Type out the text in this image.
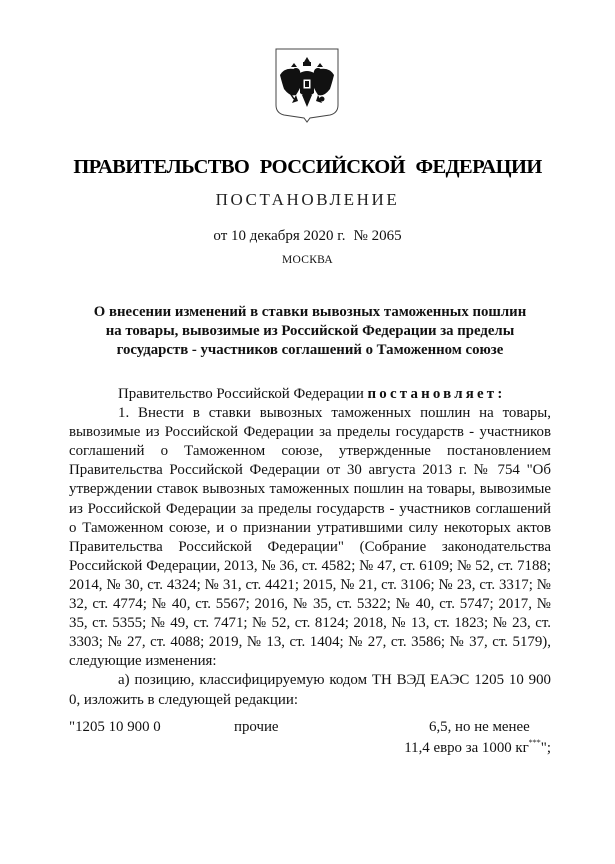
ПРАВИТЕЛЬСТВО РОССИЙСКОЙ ФЕДЕРАЦИИ
ПОСТАНОВЛЕНИЕ
от 10 декабря 2020 г. № 2065
МОСКВА
О внесении изменений в ставки вывозных таможенных пошлин
на товары, вывозимые из Российской Федерации за пределы
государств - участников соглашений о Таможенном союзе

Правительство Российской Федерации постановляет:

1. Внести в ставки вывозных таможенных пошлин на товары, вывозимые из Российской Федерации за пределы государств - участников соглашений о Таможенном союзе, утвержденные постановлением Правительства Российской Федерации от 30 августа 2013 г. № 754 "Об утверждении ставок вывозных таможенных пошлин на товары, вывозимые из Российской Федерации за пределы государств - участников соглашений о Таможенном союзе, и о признании утратившими силу некоторых актов Правительства Российской Федерации" (Собрание законодательства Российской Федерации, 2013, № 36, ст. 4582; № 47, ст. 6109; № 52, ст. 7188; 2014, № 30, ст. 4324; № 31, ст. 4421; 2015, № 21, ст. 3106; № 23, ст. 3317; № 32, ст. 4774; № 40, ст. 5567; 2016, № 35, ст. 5322; № 40, ст. 5747; 2017, № 35, ст. 5355; № 49, ст. 7471; № 52, ст. 8124; 2018, № 13, ст. 1823; № 23, ст. 3303; № 27, ст. 4088; 2019, № 13, ст. 1404; № 27, ст. 3586; № 37, ст. 5179), следующие изменения:

а) позицию, классифицируемую кодом ТН ВЭД ЕАЭС 1205 10 900 0, изложить в следующей редакции:

"1205 10 900 0	прочие	6,5, но не менее
11,4 евро за 1000 кг***";
